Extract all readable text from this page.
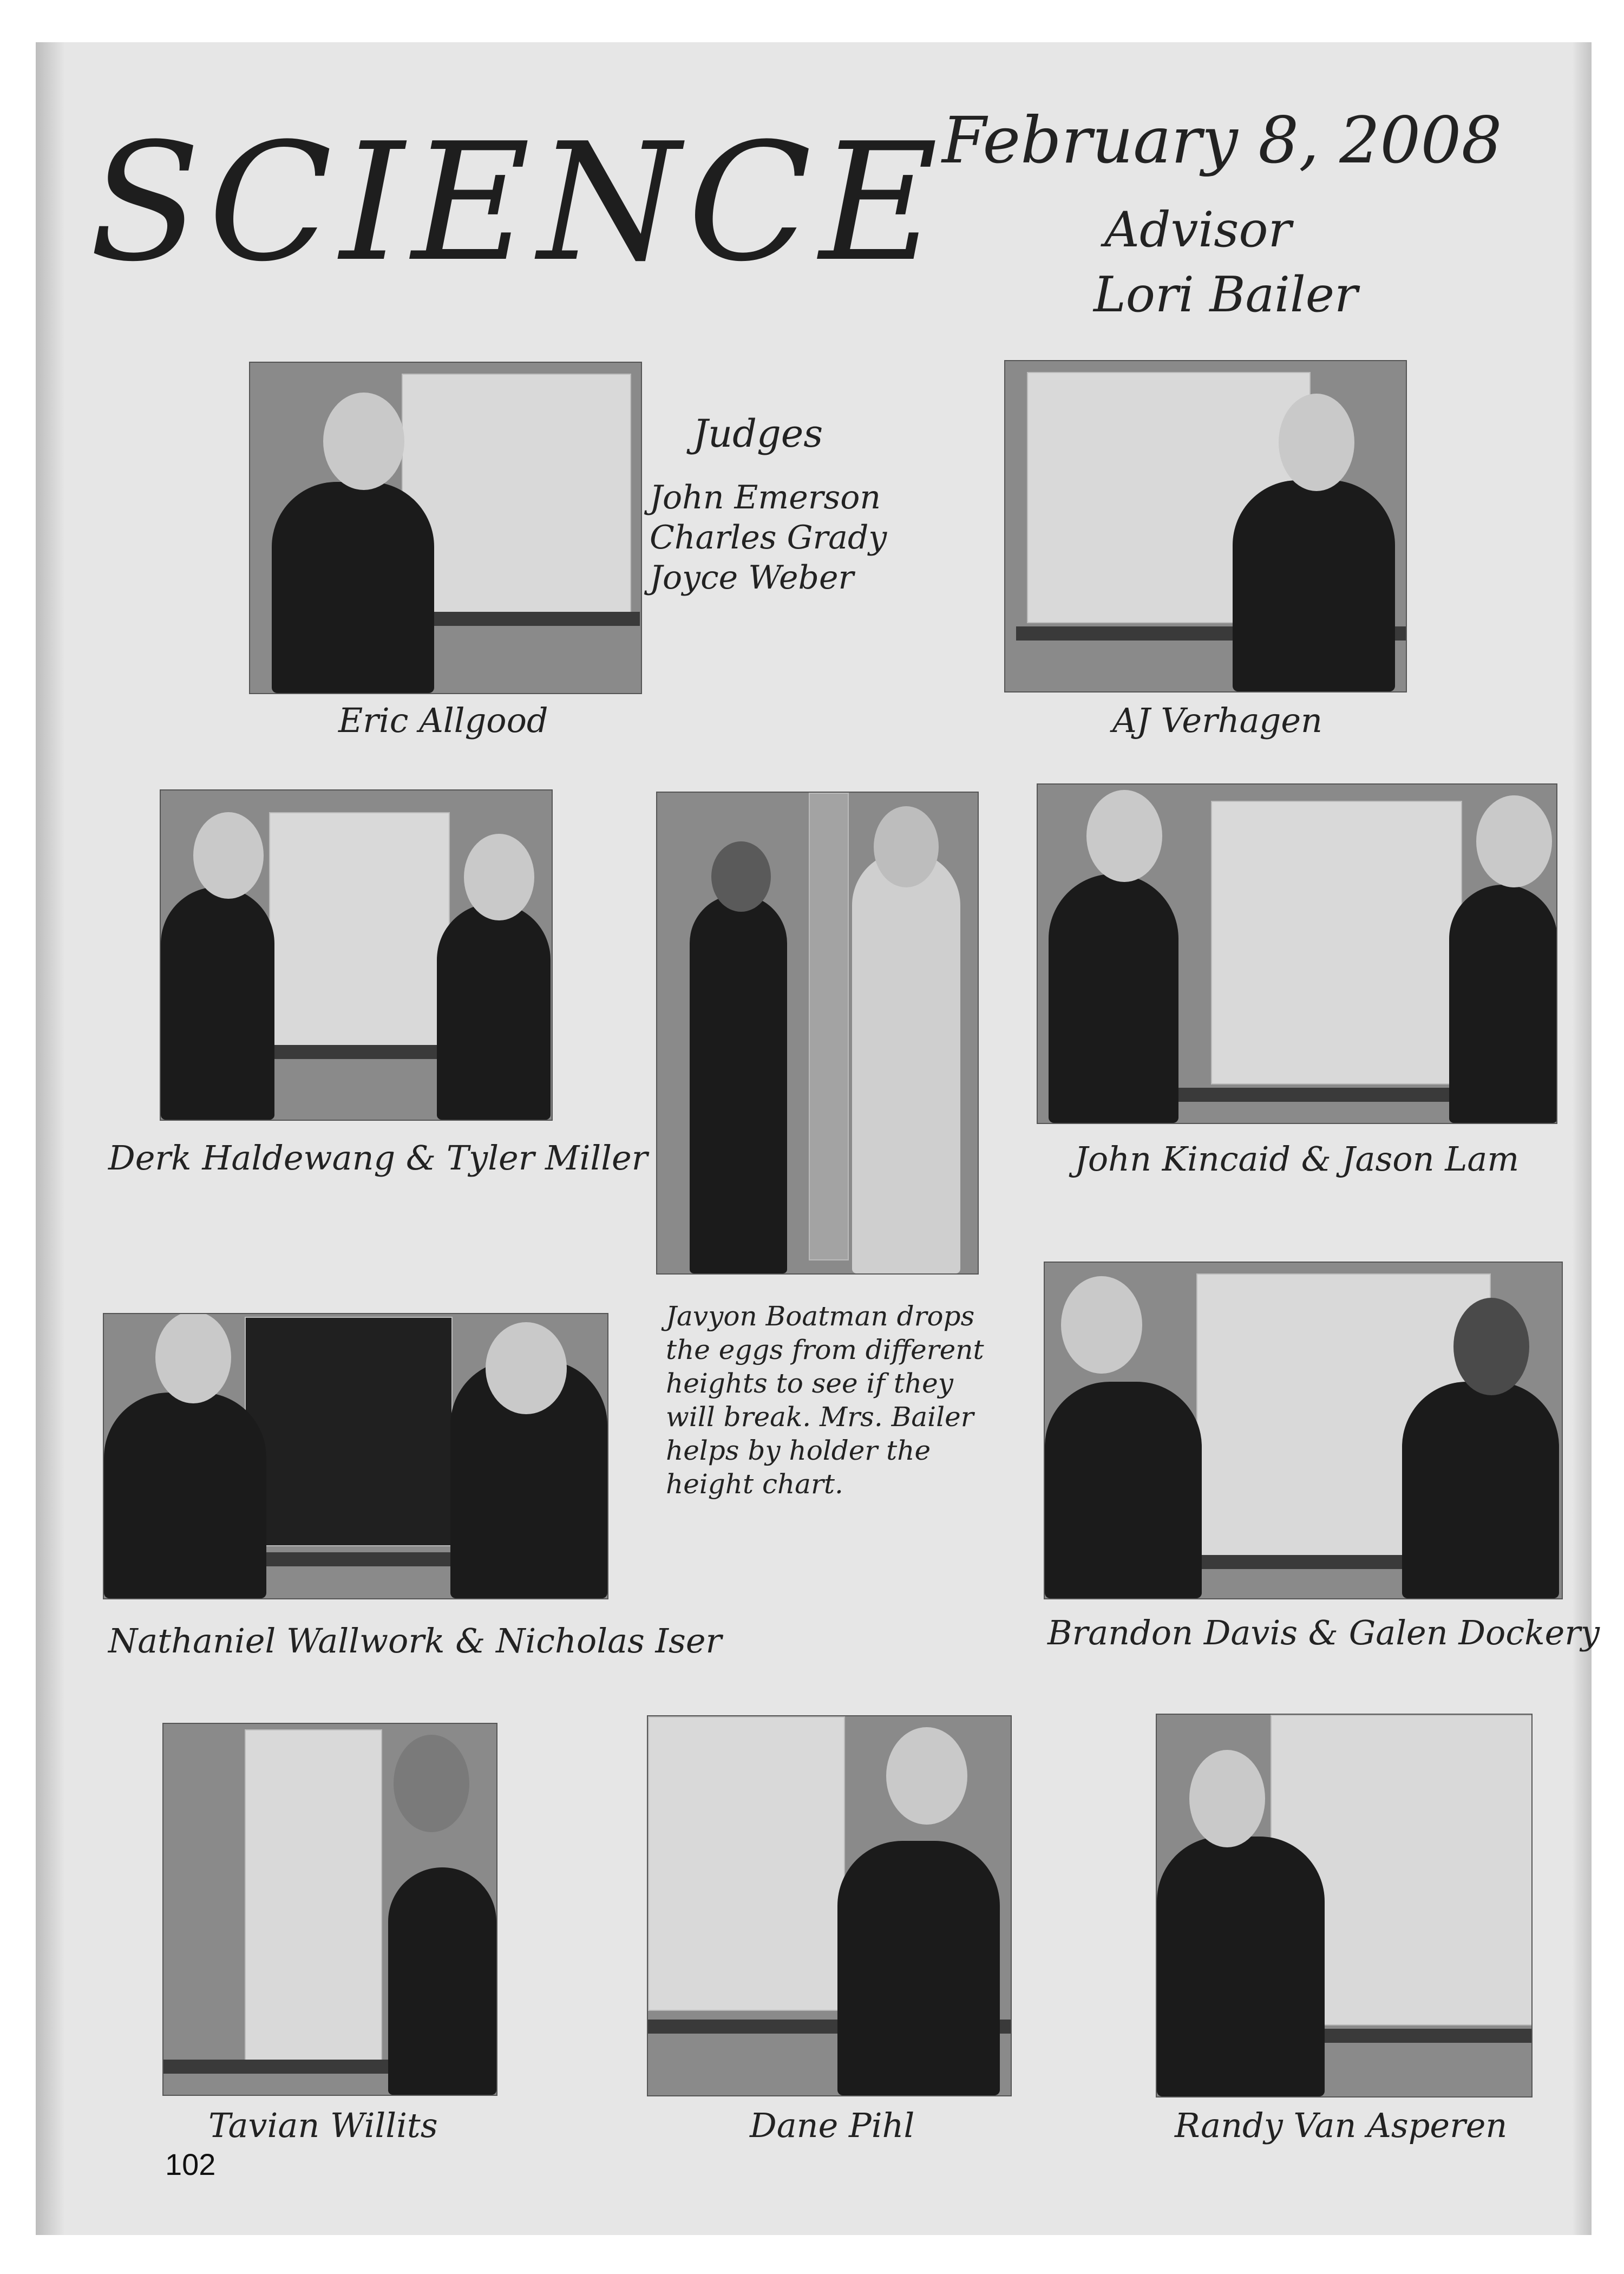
SCIENCE
February 8, 2008
Advisor
Lori Bailer
Judges
John Emerson
Charles Grady
Joyce Weber
Eric Allgood	AJ Verhagen
Derk Haldewang & Tyler Miller	John Kincaid & Jason Lam
Nathaniel Wallwork & Nicholas Iser
Javyon Boatman drops the eggs from different heights to see if they will break. Mrs. Bailer helps by holder the height chart.
Brandon Davis & Galen Dockery
Tavian Willits	Dane Pihl	Randy Van Asperen
102
